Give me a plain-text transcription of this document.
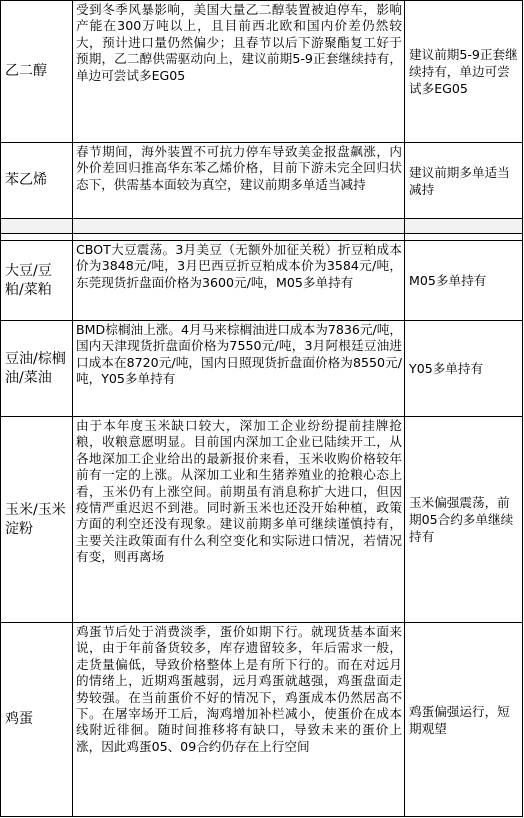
乙二醇	受到冬季风暴影响，美国大量乙二醇装置被迫停车，影响产能在300万吨以上，且目前西北欧和国内价差仍然较大，预计进口量仍然偏少；且春节以后下游聚酯复工好于预期，乙二醇供需驱动向上，建议前期5-9正套继续持有，单边可尝试多EG05	建议前期5-9正套继续持有，单边可尝试多EG05
苯乙烯	春节期间，海外装置不可抗力停车导致美金报盘飙涨，内外价差回归推高华东苯乙烯价格，目前下游未完全回归状态下，供需基本面较为真空，建议前期多单适当减持	建议前期多单适当减持

大豆/豆粕/菜粕	CBOT大豆震荡。3月美豆（无额外加征关税）折豆粕成本价为3848元/吨，3月巴西豆折豆粕成本价为3584元/吨，东莞现货折盘面价格为3600元/吨，M05多单持有	M05多单持有
豆油/棕榈油/菜油	BMD棕榈油上涨。4月马来棕榈油进口成本为7836元/吨，国内天津现货折盘面价格为7550元/吨，3月阿根廷豆油进口成本在8720元/吨，国内日照现货折盘面价格为8550元/吨，Y05多单持有	Y05多单持有
玉米/玉米淀粉	由于本年度玉米缺口较大，深加工企业纷纷提前挂牌抢粮，收粮意愿明显。目前国内深加工企业已陆续开工，从各地深加工企业给出的最新报价来看，玉米收购价格较年前有一定的上涨。从深加工业和生猪养殖业的抢粮心态上看，玉米仍有上涨空间。前期虽有消息称扩大进口，但因疫情严重迟迟不到港。同时新玉米也还没开始种植，政策方面的利空还没有现象。建议前期多单可继续谨慎持有，主要关注政策面有什么利空变化和实际进口情况，若情况有变，则再离场	玉米偏强震荡，前期05合约多单继续持有
鸡蛋	鸡蛋节后处于消费淡季，蛋价如期下行。就现货基本面来说，由于年前备货较多，库存遗留较多，年后需求一般，走货量偏低，导致价格整体上是有所下行的。而在对远月的情绪上，近期鸡蛋越弱，远月鸡蛋就越强，鸡蛋盘面走势较强。在当前蛋价不好的情况下，鸡蛋成本仍然居高不下。在屠宰场开工后，淘鸡增加补栏减小，使蛋价在成本线附近徘徊。随时间推移将有缺口，导致未来的蛋价上涨，因此鸡蛋05、09合约仍存在上行空间	鸡蛋偏强运行，短期观望
